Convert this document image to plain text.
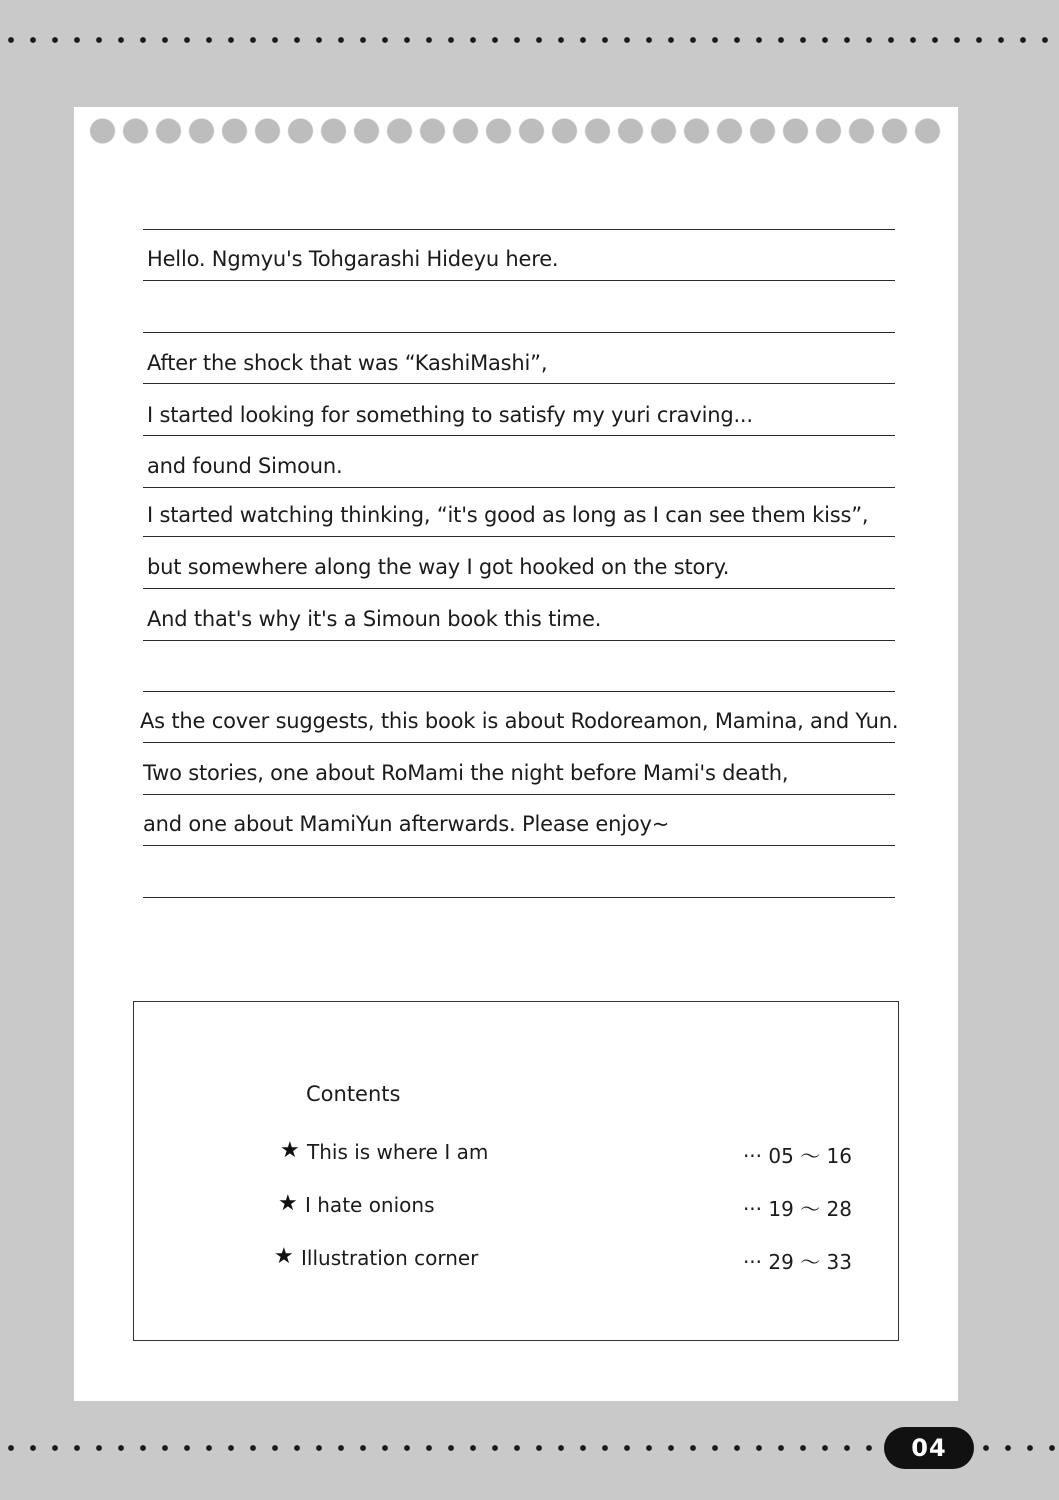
Hello. Ngmyu's Tohgarashi Hideyu here.
After the shock that was “KashiMashi”,
I started looking for something to satisfy my yuri craving...
and found Simoun.
I started watching thinking, “it's good as long as I can see them kiss”,
but somewhere along the way I got hooked on the story.
And that's why it's a Simoun book this time.
As the cover suggests, this book is about Rodoreamon, Mamina, and Yun.
Two stories, one about RoMami the night before Mami's death,
and one about MamiYun afterwards. Please enjoy~
Contents
★ This is where I am	··· 05 ～ 16
★ I hate onions	··· 19 ～ 28
★ Illustration corner	··· 29 ～ 33
04
